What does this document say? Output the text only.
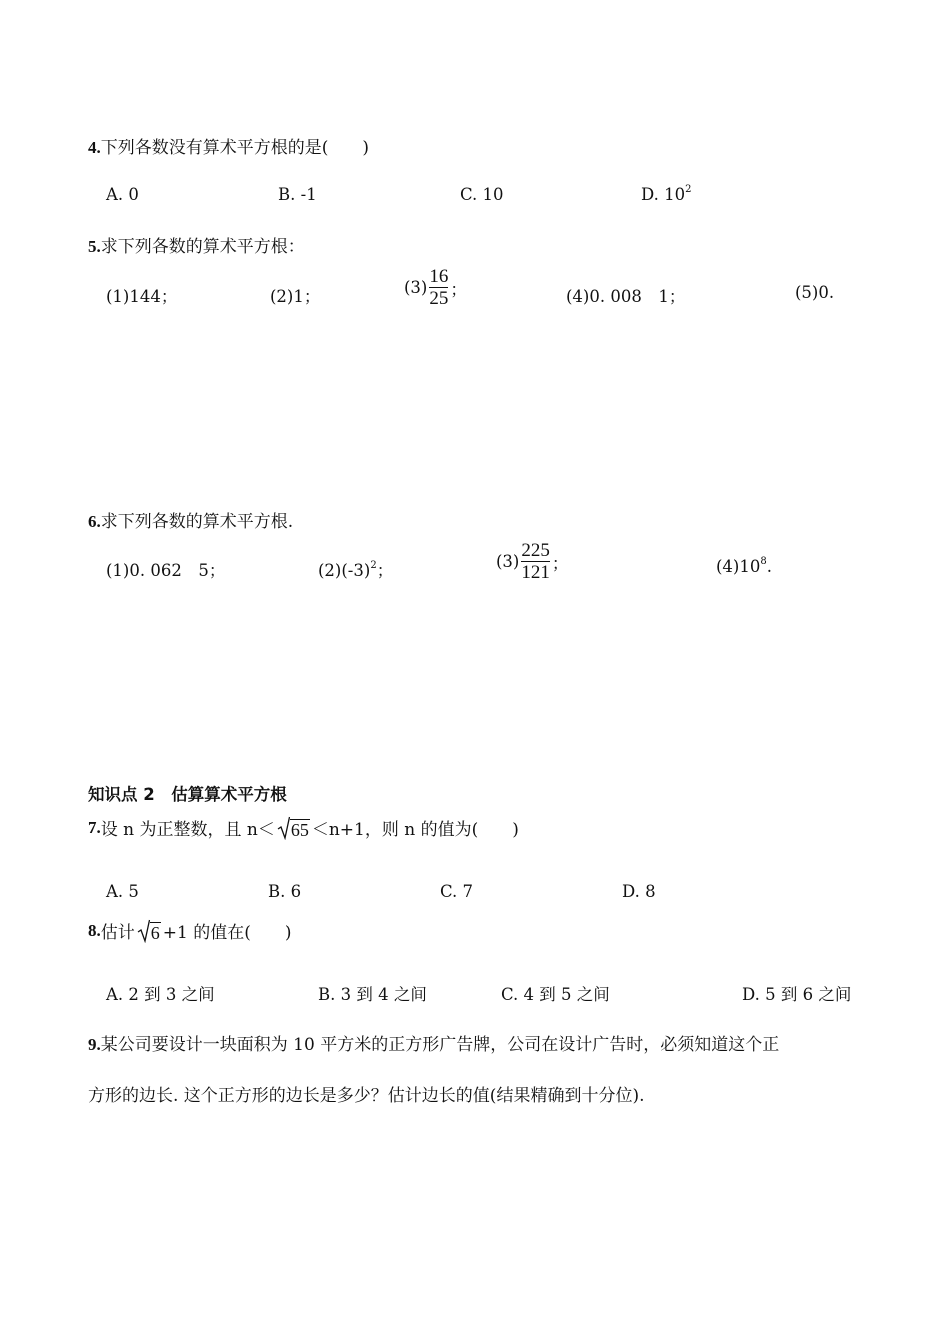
4.下列各数没有算术平方根的是(　　)
A. 0	B. -1	C. 10	D. $10^2$
5.求下列各数的算术平方根：
(1)144；	(2)1；	$(3) \frac{16}{25}$ ；	(4)0. 008　1；	(5)0.
6.求下列各数的算术平方根.
(1)0. 062　5；	$(2)(-3)^2$；	$(3) \frac{225}{121}$ ；	$(4)10^8$.
知识点 2　估算算术平方根
7. 设 n 为正整数，且 n＜ 65 ＜n+1，则 n 的值为(　　)
A. 5	B. 6	C. 7	D. 8
8. 估计 6 +1 的值在(　　)
A. 2 到 3 之间	B. 3 到 4 之间	C. 4 到 5 之间	D. 5 到 6 之间
9.某公司要设计一块面积为 10 平方米的正方形广告牌，公司在设计广告时，必须知道这个正
方形的边长. 这个正方形的边长是多少？估计边长的值(结果精确到十分位).
